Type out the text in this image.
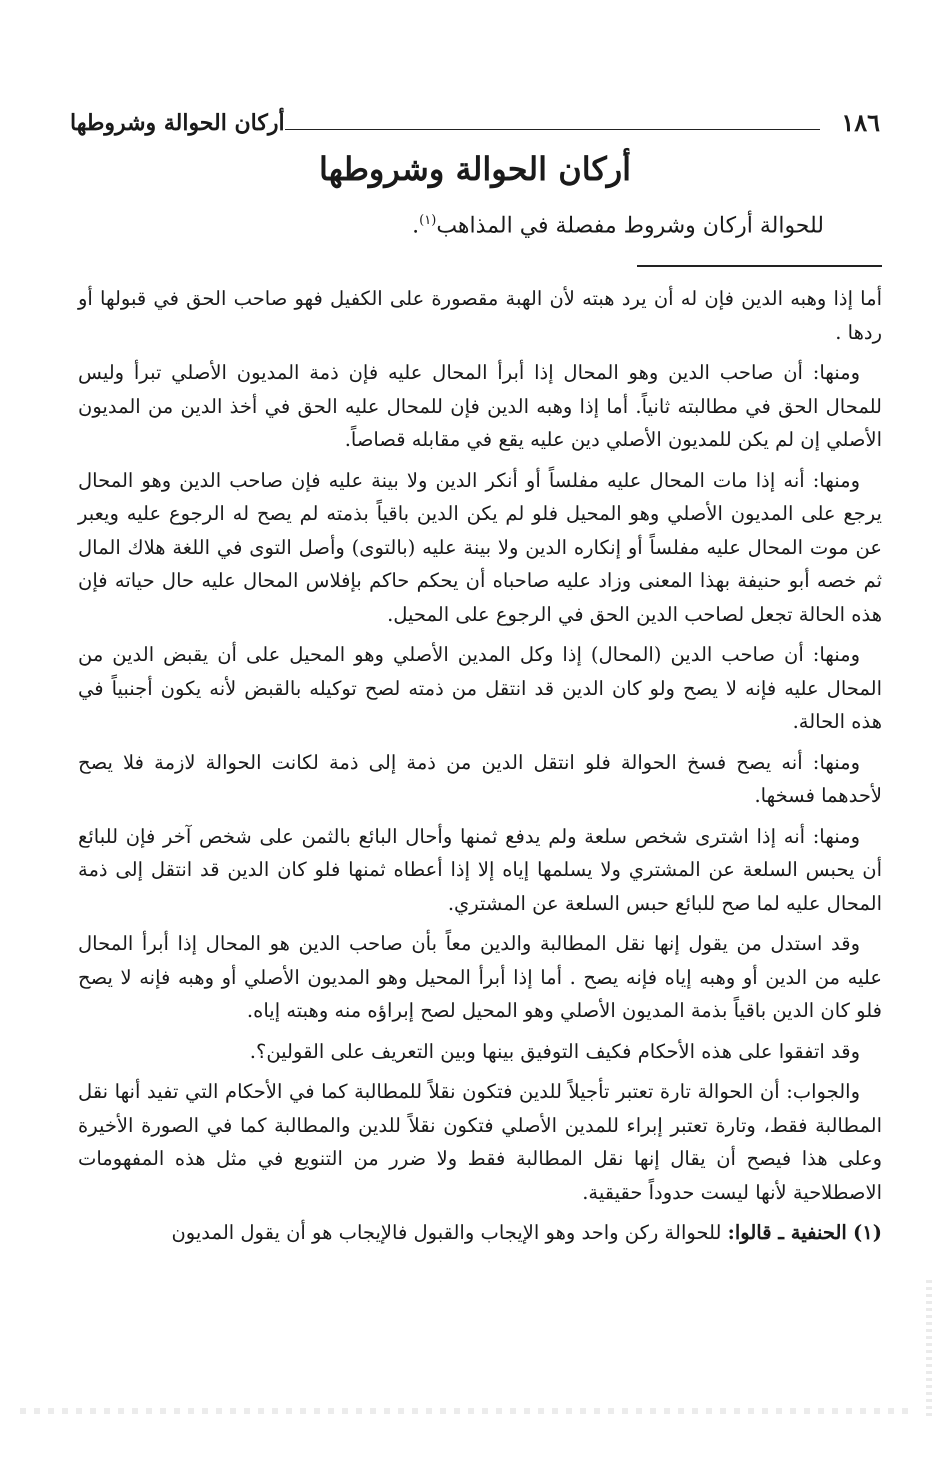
١٨٦
أركان الحوالة وشروطها
أركان الحوالة وشروطها
للحوالة أركان وشروط مفصلة في المذاهب$^{(١)}$.

أما إذا وهبه الدين فإن له أن يرد هبته لأن الهبة مقصورة على الكفيل فهو صاحب الحق في قبولها أو ردها .

ومنها: أن صاحب الدين وهو المحال إذا أبرأ المحال عليه فإن ذمة المديون الأصلي تبرأ وليس للمحال الحق في مطالبته ثانياً. أما إذا وهبه الدين فإن للمحال عليه الحق في أخذ الدين من المديون الأصلي إن لم يكن للمديون الأصلي دين عليه يقع في مقابله قصاصاً.

ومنها: أنه إذا مات المحال عليه مفلساً أو أنكر الدين ولا بينة عليه فإن صاحب الدين وهو المحال يرجع على المديون الأصلي وهو المحيل فلو لم يكن الدين باقياً بذمته لم يصح له الرجوع عليه ويعبر عن موت المحال عليه مفلساً أو إنكاره الدين ولا بينة عليه (بالتوى) وأصل التوى في اللغة هلاك المال ثم خصه أبو حنيفة بهذا المعنى وزاد عليه صاحباه أن يحكم حاكم بإفلاس المحال عليه حال حياته فإن هذه الحالة تجعل لصاحب الدين الحق في الرجوع على المحيل.

ومنها: أن صاحب الدين (المحال) إذا وكل المدين الأصلي وهو المحيل على أن يقبض الدين من المحال عليه فإنه لا يصح ولو كان الدين قد انتقل من ذمته لصح توكيله بالقبض لأنه يكون أجنبياً في هذه الحالة.

ومنها: أنه يصح فسخ الحوالة فلو انتقل الدين من ذمة إلى ذمة لكانت الحوالة لازمة فلا يصح لأحدهما فسخها.

ومنها: أنه إذا اشترى شخص سلعة ولم يدفع ثمنها وأحال البائع بالثمن على شخص آخر فإن للبائع أن يحبس السلعة عن المشتري ولا يسلمها إياه إلا إذا أعطاه ثمنها فلو كان الدين قد انتقل إلى ذمة المحال عليه لما صح للبائع حبس السلعة عن المشتري.

وقد استدل من يقول إنها نقل المطالبة والدين معاً بأن صاحب الدين هو المحال إذا أبرأ المحال عليه من الدين أو وهبه إياه فإنه يصح . أما إذا أبرأ المحيل وهو المديون الأصلي أو وهبه فإنه لا يصح فلو كان الدين باقياً بذمة المديون الأصلي وهو المحيل لصح إبراؤه منه وهبته إياه.

وقد اتفقوا على هذه الأحكام فكيف التوفيق بينها وبين التعريف على القولين؟.

والجواب: أن الحوالة تارة تعتبر تأجيلاً للدين فتكون نقلاً للمطالبة كما في الأحكام التي تفيد أنها نقل المطالبة فقط، وتارة تعتبر إبراء للمدين الأصلي فتكون نقلاً للدين والمطالبة كما في الصورة الأخيرة وعلى هذا فيصح أن يقال إنها نقل المطالبة فقط ولا ضرر من التنويع في مثل هذه المفهومات الاصطلاحية لأنها ليست حدوداً حقيقية.

(١) الحنفية ـ قالوا: للحوالة ركن واحد وهو الإيجاب والقبول فالإيجاب هو أن يقول المديون
